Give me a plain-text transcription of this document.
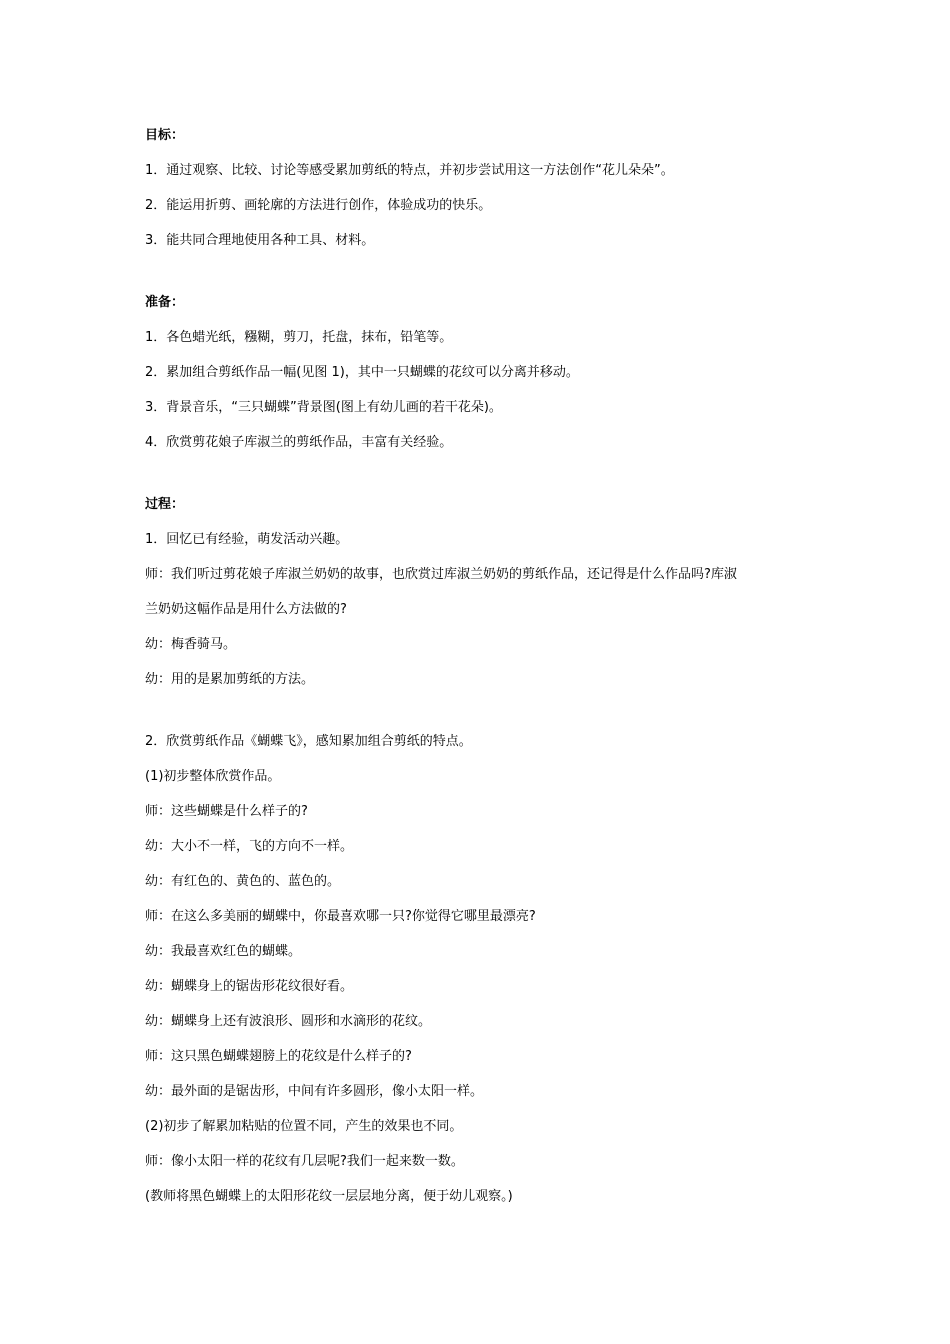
目标：
1．通过观察、比较、讨论等感受累加剪纸的特点，并初步尝试用这一方法创作“花儿朵朵”。
2．能运用折剪、画轮廓的方法进行创作，体验成功的快乐。
3．能共同合理地使用各种工具、材料。
准备：
1．各色蜡光纸，糨糊，剪刀，托盘，抹布，铅笔等。
2．累加组合剪纸作品一幅(见图 1)，其中一只蝴蝶的花纹可以分离并移动。
3．背景音乐，“三只蝴蝶”背景图(图上有幼儿画的若干花朵)。
4．欣赏剪花娘子库淑兰的剪纸作品，丰富有关经验。
过程：
1．回忆已有经验，萌发活动兴趣。
师：我们听过剪花娘子库淑兰奶奶的故事，也欣赏过库淑兰奶奶的剪纸作品，还记得是什么作品吗?库淑
兰奶奶这幅作品是用什么方法做的?
幼：梅香骑马。
幼：用的是累加剪纸的方法。
2．欣赏剪纸作品《蝴蝶飞》，感知累加组合剪纸的特点。
(1)初步整体欣赏作品。
师：这些蝴蝶是什么样子的?
幼：大小不一样，飞的方向不一样。
幼：有红色的、黄色的、蓝色的。
师：在这么多美丽的蝴蝶中，你最喜欢哪一只?你觉得它哪里最漂亮?
幼：我最喜欢红色的蝴蝶。
幼：蝴蝶身上的锯齿形花纹很好看。
幼：蝴蝶身上还有波浪形、圆形和水滴形的花纹。
师：这只黑色蝴蝶翅膀上的花纹是什么样子的?
幼：最外面的是锯齿形，中间有许多圆形，像小太阳一样。
(2)初步了解累加粘贴的位置不同，产生的效果也不同。
师：像小太阳一样的花纹有几层呢?我们一起来数一数。
(教师将黑色蝴蝶上的太阳形花纹一层层地分离，便于幼儿观察。)
